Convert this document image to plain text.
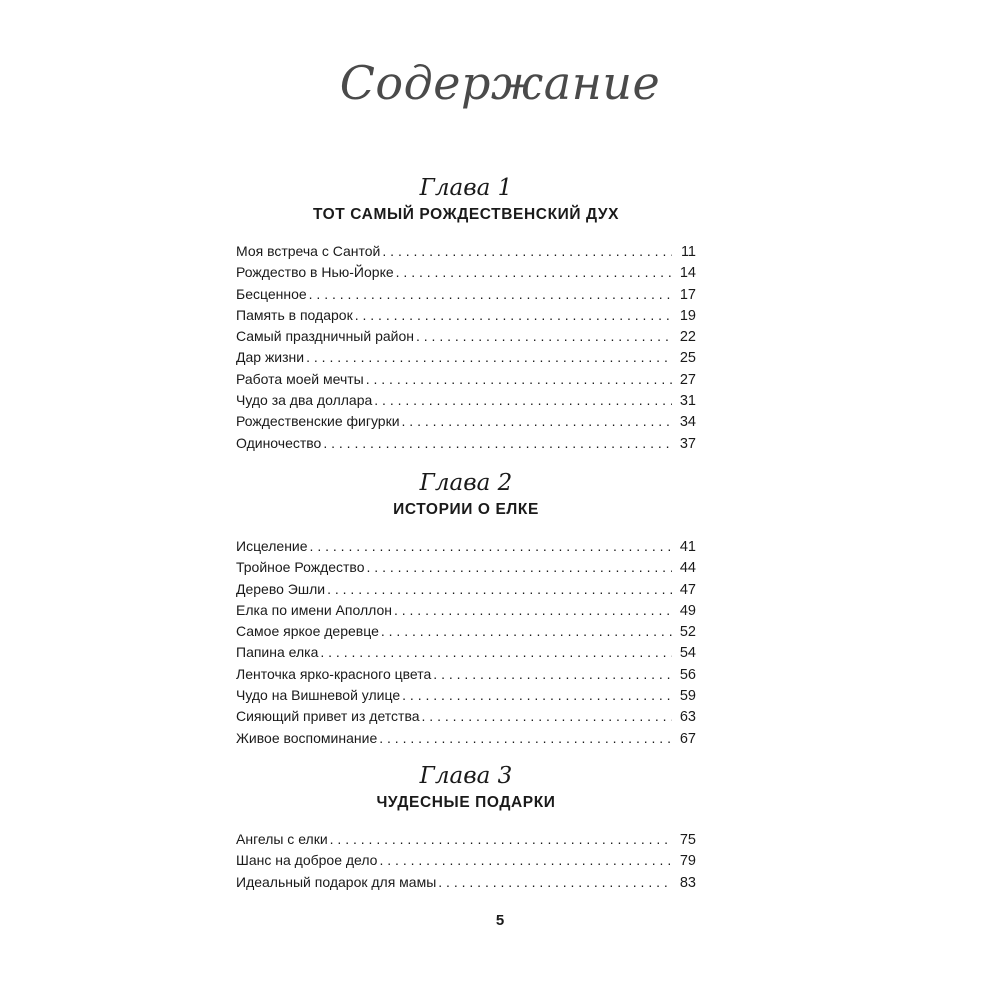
Содержание
Глава 1
ТОТ САМЫЙ РОЖДЕСТВЕНСКИЙ ДУХ
Моя встреча с Сантой . . .	11
Рождество в Нью-Йорке . . .	14
Бесценное . . .	17
Память в подарок . . .	19
Самый праздничный район . . .	22
Дар жизни . . .	25
Работа моей мечты . . .	27
Чудо за два доллара . . .	31
Рождественские фигурки . . .	34
Одиночество . . .	37
Глава 2
ИСТОРИИ О ЕЛКЕ
Исцеление . . .	41
Тройное Рождество . . .	44
Дерево Эшли . . .	47
Елка по имени Аполлон . . .	49
Самое яркое деревце . . .	52
Папина елка . . .	54
Ленточка ярко-красного цвета . . .	56
Чудо на Вишневой улице . . .	59
Сияющий привет из детства . . .	63
Живое воспоминание . . .	67
Глава 3
ЧУДЕСНЫЕ ПОДАРКИ
Ангелы с елки . . .	75
Шанс на доброе дело . . .	79
Идеальный подарок для мамы . . .	83
5
